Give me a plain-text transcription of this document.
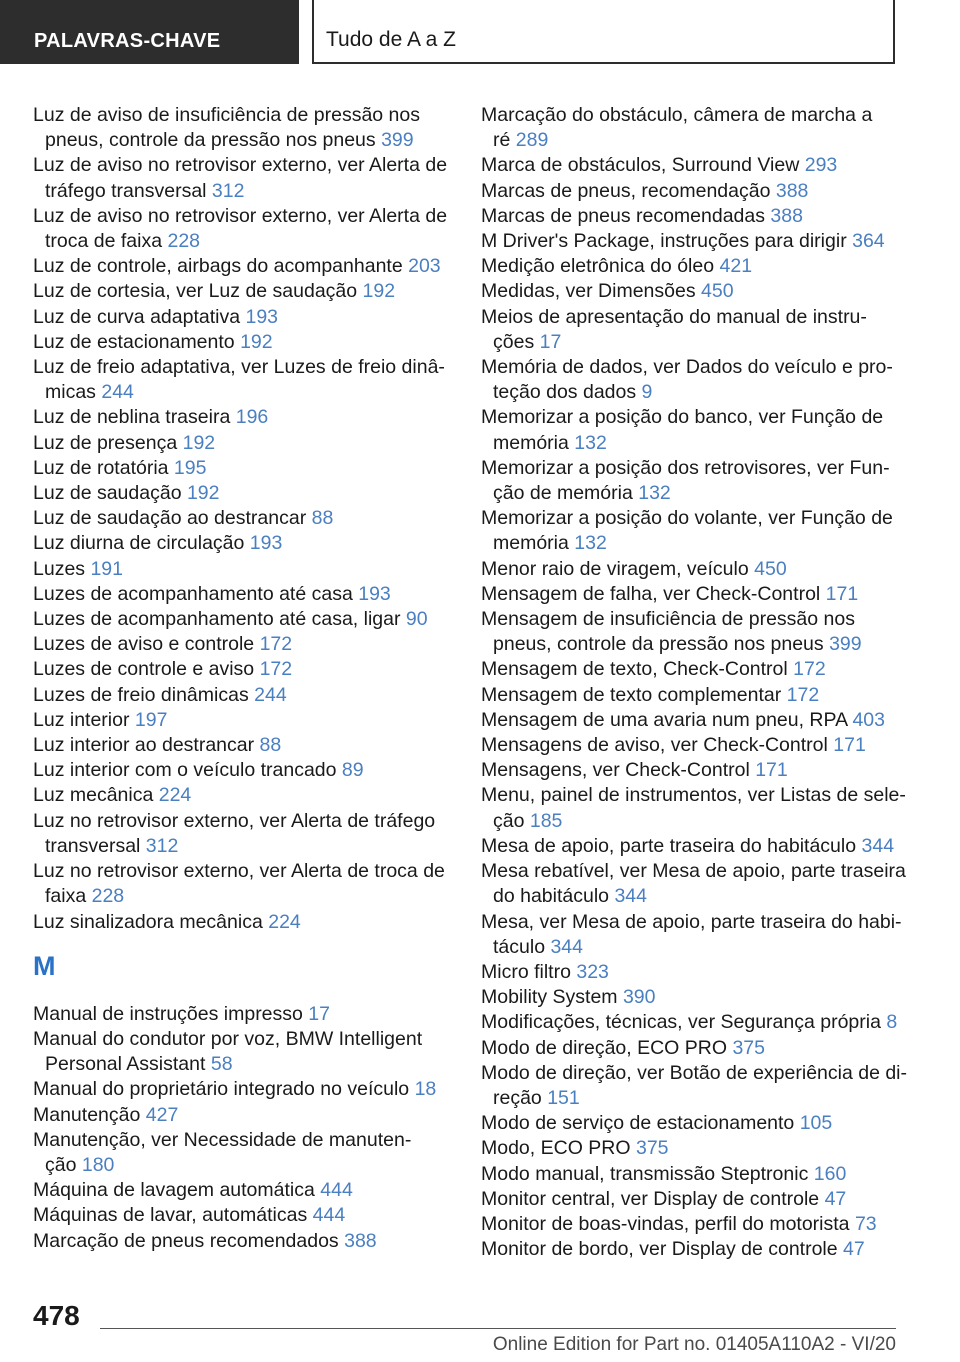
PALAVRAS-CHAVE	Tudo de A a Z
Luz de aviso de insuficiência de pressão nos
pneus, controle da pressão nos pneus 399
Luz de aviso no retrovisor externo, ver Alerta de
tráfego transversal 312
Luz de aviso no retrovisor externo, ver Alerta de
troca de faixa 228
Luz de controle, airbags do acompanhante 203
Luz de cortesia, ver Luz de saudação 192
Luz de curva adaptativa 193
Luz de estacionamento 192
Luz de freio adaptativa, ver Luzes de freio dinâ-
micas 244
Luz de neblina traseira 196
Luz de presença 192
Luz de rotatória 195
Luz de saudação 192
Luz de saudação ao destrancar 88
Luz diurna de circulação 193
Luzes 191
Luzes de acompanhamento até casa 193
Luzes de acompanhamento até casa, ligar 90
Luzes de aviso e controle 172
Luzes de controle e aviso 172
Luzes de freio dinâmicas 244
Luz interior 197
Luz interior ao destrancar 88
Luz interior com o veículo trancado 89
Luz mecânica 224
Luz no retrovisor externo, ver Alerta de tráfego
transversal 312
Luz no retrovisor externo, ver Alerta de troca de
faixa 228
Luz sinalizadora mecânica 224
M
Manual de instruções impresso 17
Manual do condutor por voz, BMW Intelligent
Personal Assistant 58
Manual do proprietário integrado no veículo 18
Manutenção 427
Manutenção, ver Necessidade de manuten-
ção 180
Máquina de lavagem automática 444
Máquinas de lavar, automáticas 444
Marcação de pneus recomendados 388
Marcação do obstáculo, câmera de marcha a
ré 289
Marca de obstáculos, Surround View 293
Marcas de pneus, recomendação 388
Marcas de pneus recomendadas 388
M Driver's Package, instruções para dirigir 364
Medição eletrônica do óleo 421
Medidas, ver Dimensões 450
Meios de apresentação do manual de instru-
ções 17
Memória de dados, ver Dados do veículo e pro-
teção dos dados 9
Memorizar a posição do banco, ver Função de
memória 132
Memorizar a posição dos retrovisores, ver Fun-
ção de memória 132
Memorizar a posição do volante, ver Função de
memória 132
Menor raio de viragem, veículo 450
Mensagem de falha, ver Check-Control 171
Mensagem de insuficiência de pressão nos
pneus, controle da pressão nos pneus 399
Mensagem de texto, Check-Control 172
Mensagem de texto complementar 172
Mensagem de uma avaria num pneu, RPA 403
Mensagens de aviso, ver Check-Control 171
Mensagens, ver Check-Control 171
Menu, painel de instrumentos, ver Listas de sele-
ção 185
Mesa de apoio, parte traseira do habitáculo 344
Mesa rebatível, ver Mesa de apoio, parte traseira
do habitáculo 344
Mesa, ver Mesa de apoio, parte traseira do habi-
táculo 344
Micro filtro 323
Mobility System 390
Modificações, técnicas, ver Segurança própria 8
Modo de direção, ECO PRO 375
Modo de direção, ver Botão de experiência de di-
reção 151
Modo de serviço de estacionamento 105
Modo, ECO PRO 375
Modo manual, transmissão Steptronic 160
Monitor central, ver Display de controle 47
Monitor de boas-vindas, perfil do motorista 73
Monitor de bordo, ver Display de controle 47
478
Online Edition for Part no. 01405A110A2 - VI/20
